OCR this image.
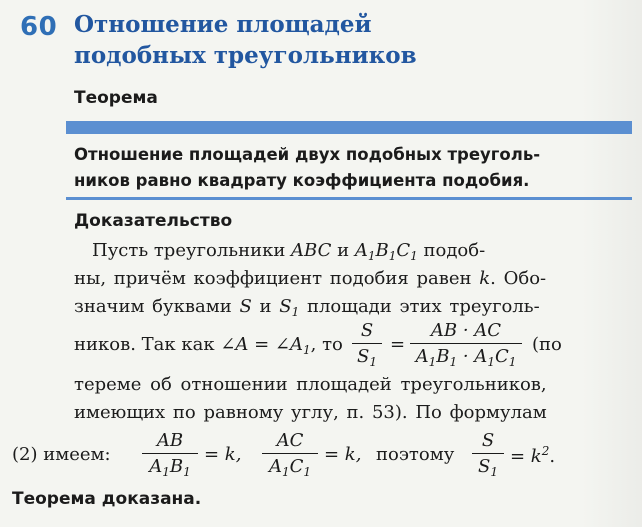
60 Отношение площадей
подобных треугольников
Теорема
Отношение площадей двух подобных треуголь-
ников равно квадрату коэффициента подобия.
Доказательство
Пусть треугольники ABC и $A_1B_1C_1$ подоб-
ны, причём коэффициент подобия равен k. Обо-
значим буквами S и $S_1$ площади этих треуголь-
ников. Так как ∠A = $\angle A_1$, то
S
$S_1$
=
AB · AC
$A_1B_1 \cdot A_1C_1$
(по
тереме об отношении площадей треугольников,
имеющих по равному углу, п. 53). По формулам
(2) имеем:
AB
$A_1B_1$
= k,
AC
$A_1C_1$
= k, поэтому
S
$S_1$
= $k^2$.
Теорема доказана.
